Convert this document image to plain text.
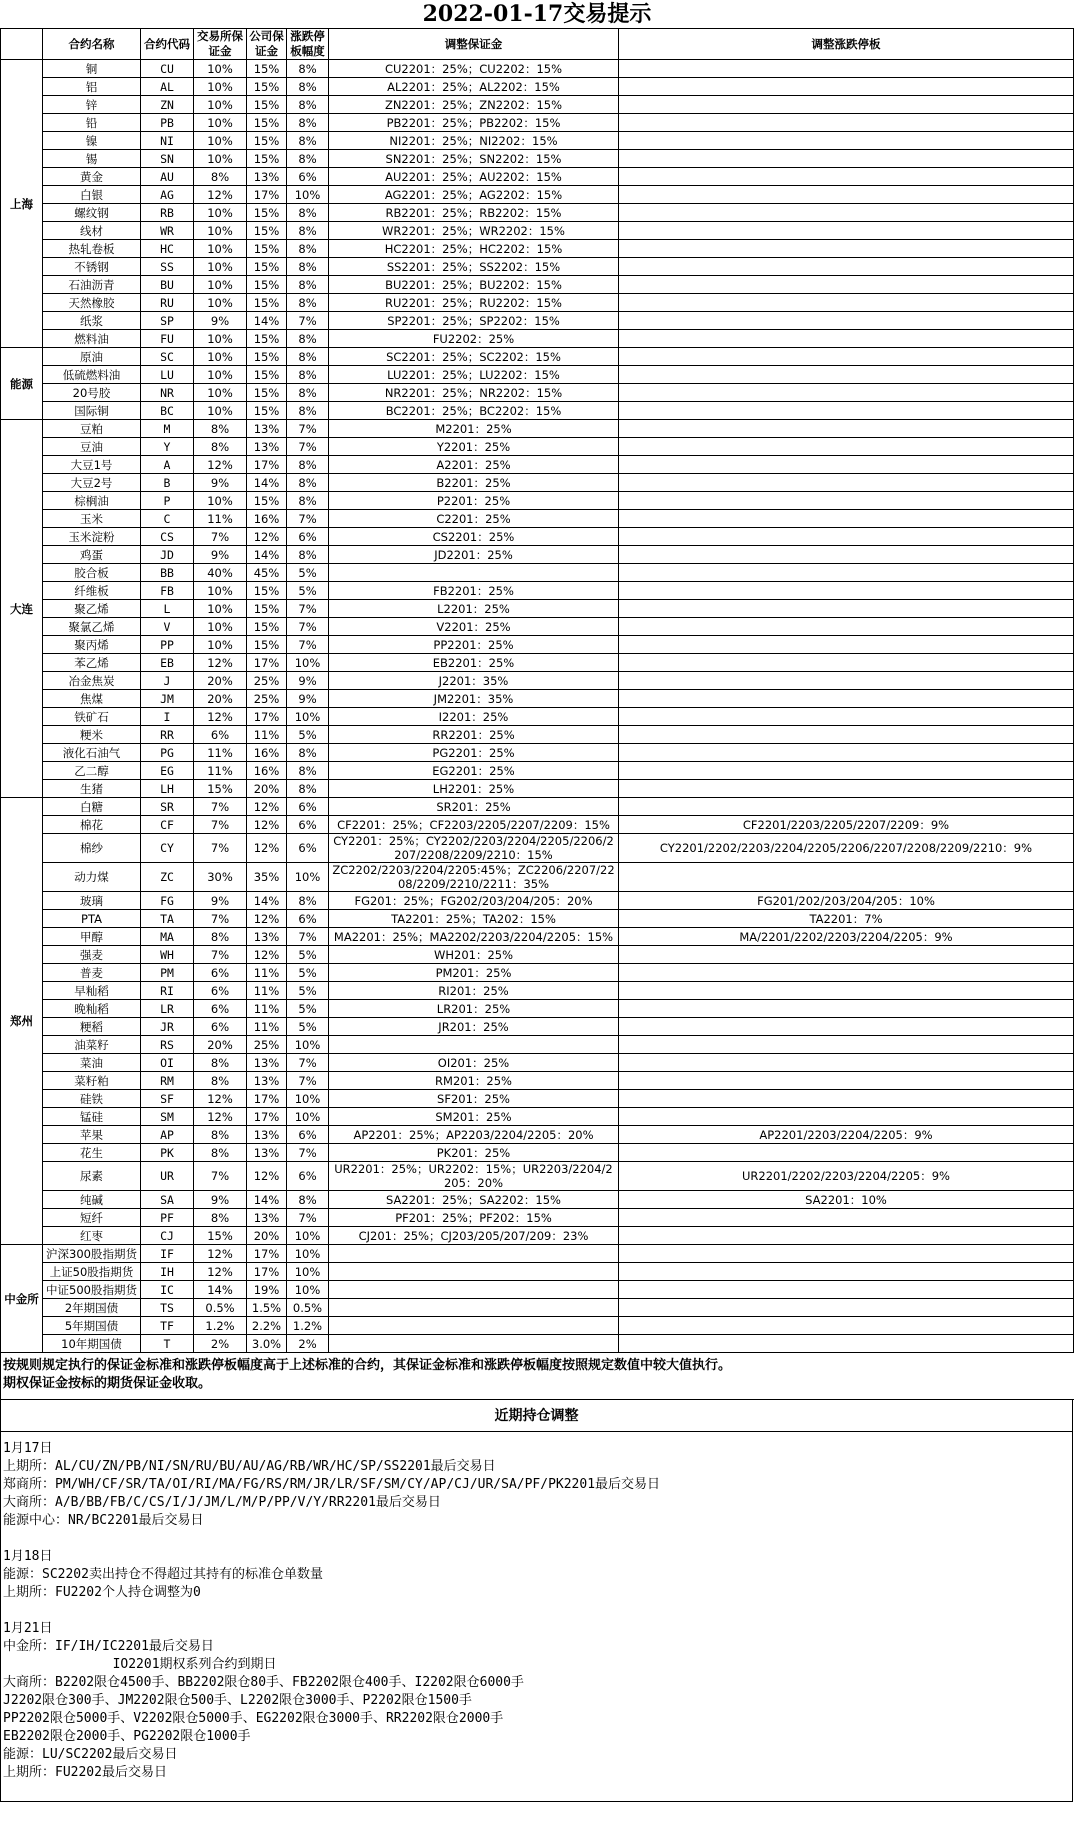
2022-01-17交易提示
	合约名称	合约代码	交易所保证金	公司保证金	涨跌停板幅度	调整保证金	调整涨跌停板
上海	铜	CU	10%	15%	8%	CU2201：25%；CU2202：15%	
	铝	AL	10%	15%	8%	AL2201：25%；AL2202：15%	
	锌	ZN	10%	15%	8%	ZN2201：25%；ZN2202：15%	
	铅	PB	10%	15%	8%	PB2201：25%；PB2202：15%	
	镍	NI	10%	15%	8%	NI2201：25%；NI2202：15%	
	锡	SN	10%	15%	8%	SN2201：25%；SN2202：15%	
	黄金	AU	8%	13%	6%	AU2201：25%；AU2202：15%	
	白银	AG	12%	17%	10%	AG2201：25%；AG2202：15%	
	螺纹钢	RB	10%	15%	8%	RB2201：25%；RB2202：15%	
	线材	WR	10%	15%	8%	WR2201：25%；WR2202：15%	
	热轧卷板	HC	10%	15%	8%	HC2201：25%；HC2202：15%	
	不锈钢	SS	10%	15%	8%	SS2201：25%；SS2202：15%	
	石油沥青	BU	10%	15%	8%	BU2201：25%；BU2202：15%	
	天然橡胶	RU	10%	15%	8%	RU2201：25%；RU2202：15%	
	纸浆	SP	9%	14%	7%	SP2201：25%；SP2202：15%	
	燃料油	FU	10%	15%	8%	FU2202：25%	
能源	原油	SC	10%	15%	8%	SC2201：25%；SC2202：15%	
	低硫燃料油	LU	10%	15%	8%	LU2201：25%；LU2202：15%	
	20号胶	NR	10%	15%	8%	NR2201：25%；NR2202：15%	
	国际铜	BC	10%	15%	8%	BC2201：25%；BC2202：15%	
大连	豆粕	M	8%	13%	7%	M2201：25%	
	豆油	Y	8%	13%	7%	Y2201：25%	
	大豆1号	A	12%	17%	8%	A2201：25%	
	大豆2号	B	9%	14%	8%	B2201：25%	
	棕榈油	P	10%	15%	8%	P2201：25%	
	玉米	C	11%	16%	7%	C2201：25%	
	玉米淀粉	CS	7%	12%	6%	CS2201：25%	
	鸡蛋	JD	9%	14%	8%	JD2201：25%	
	胶合板	BB	40%	45%	5%		
	纤维板	FB	10%	15%	5%	FB2201：25%	
	聚乙烯	L	10%	15%	7%	L2201：25%	
	聚氯乙烯	V	10%	15%	7%	V2201：25%	
	聚丙烯	PP	10%	15%	7%	PP2201：25%	
	苯乙烯	EB	12%	17%	10%	EB2201：25%	
	冶金焦炭	J	20%	25%	9%	J2201：35%	
	焦煤	JM	20%	25%	9%	JM2201：35%	
	铁矿石	I	12%	17%	10%	I2201：25%	
	粳米	RR	6%	11%	5%	RR2201：25%	
	液化石油气	PG	11%	16%	8%	PG2201：25%	
	乙二醇	EG	11%	16%	8%	EG2201：25%	
	生猪	LH	15%	20%	8%	LH2201：25%	
郑州	白糖	SR	7%	12%	6%	SR201：25%	
	棉花	CF	7%	12%	6%	CF2201：25%；CF2203/2205/2207/2209：15%	CF2201/2203/2205/2207/2209：9%
	棉纱	CY	7%	12%	6%	CY2201：25%；CY2202/2203/2204/2205/2206/2207/2208/2209/2210：15%	CY2201/2202/2203/2204/2205/2206/2207/2208/2209/2210：9%
	动力煤	ZC	30%	35%	10%	ZC2202/2203/2204/2205:45%；ZC2206/2207/2208/2209/2210/2211：35%	
	玻璃	FG	9%	14%	8%	FG201：25%；FG202/203/204/205：20%	FG201/202/203/204/205：10%
	PTA	TA	7%	12%	6%	TA2201：25%；TA202：15%	TA2201：7%
	甲醇	MA	8%	13%	7%	MA2201：25%；MA2202/2203/2204/2205：15%	MA/2201/2202/2203/2204/2205：9%
	强麦	WH	7%	12%	5%	WH201：25%	
	普麦	PM	6%	11%	5%	PM201：25%	
	早籼稻	RI	6%	11%	5%	RI201：25%	
	晚籼稻	LR	6%	11%	5%	LR201：25%	
	粳稻	JR	6%	11%	5%	JR201：25%	
	油菜籽	RS	20%	25%	10%		
	菜油	OI	8%	13%	7%	OI201：25%	
	菜籽粕	RM	8%	13%	7%	RM201：25%	
	硅铁	SF	12%	17%	10%	SF201：25%	
	锰硅	SM	12%	17%	10%	SM201：25%	
	苹果	AP	8%	13%	6%	AP2201：25%；AP2203/2204/2205：20%	AP2201/2203/2204/2205：9%
	花生	PK	8%	13%	7%	PK201：25%	
	尿素	UR	7%	12%	6%	UR2201：25%；UR2202：15%；UR2203/2204/2205：20%	UR2201/2202/2203/2204/2205：9%
	纯碱	SA	9%	14%	8%	SA2201：25%；SA2202：15%	SA2201：10%
	短纤	PF	8%	13%	7%	PF201：25%；PF202：15%	
	红枣	CJ	15%	20%	10%	CJ201：25%；CJ203/205/207/209：23%	
中金所	沪深300股指期货	IF	12%	17%	10%		
	上证50股指期货	IH	12%	17%	10%		
	中证500股指期货	IC	14%	19%	10%		
	2年期国债	TS	0.5%	1.5%	0.5%		
	5年期国债	TF	1.2%	2.2%	1.2%		
	10年期国债	T	2%	3.0%	2%		
按规则规定执行的保证金标准和涨跌停板幅度高于上述标准的合约，其保证金标准和涨跌停板幅度按照规定数值中较大值执行。
期权保证金按标的期货保证金收取。
近期持仓调整
1月17日
上期所：AL/CU/ZN/PB/NI/SN/RU/BU/AU/AG/RB/WR/HC/SP/SS2201最后交易日
郑商所：PM/WH/CF/SR/TA/OI/RI/MA/FG/RS/RM/JR/LR/SF/SM/CY/AP/CJ/UR/SA/PF/PK2201最后交易日
大商所：A/B/BB/FB/C/CS/I/J/JM/L/M/P/PP/V/Y/RR2201最后交易日
能源中心：NR/BC2201最后交易日
1月18日
能源：SC2202卖出持仓不得超过其持有的标准仓单数量
上期所：FU2202个人持仓调整为0
1月21日
中金所：IF/IH/IC2201最后交易日
IO2201期权系列合约到期日
大商所：B2202限仓4500手、BB2202限仓80手、FB2202限仓400手、I2202限仓6000手
J2202限仓300手、JM2202限仓500手、L2202限仓3000手、P2202限仓1500手
PP2202限仓5000手、V2202限仓5000手、EG2202限仓3000手、RR2202限仓2000手
EB2202限仓2000手、PG2202限仓1000手
能源：LU/SC2202最后交易日
上期所：FU2202最后交易日
